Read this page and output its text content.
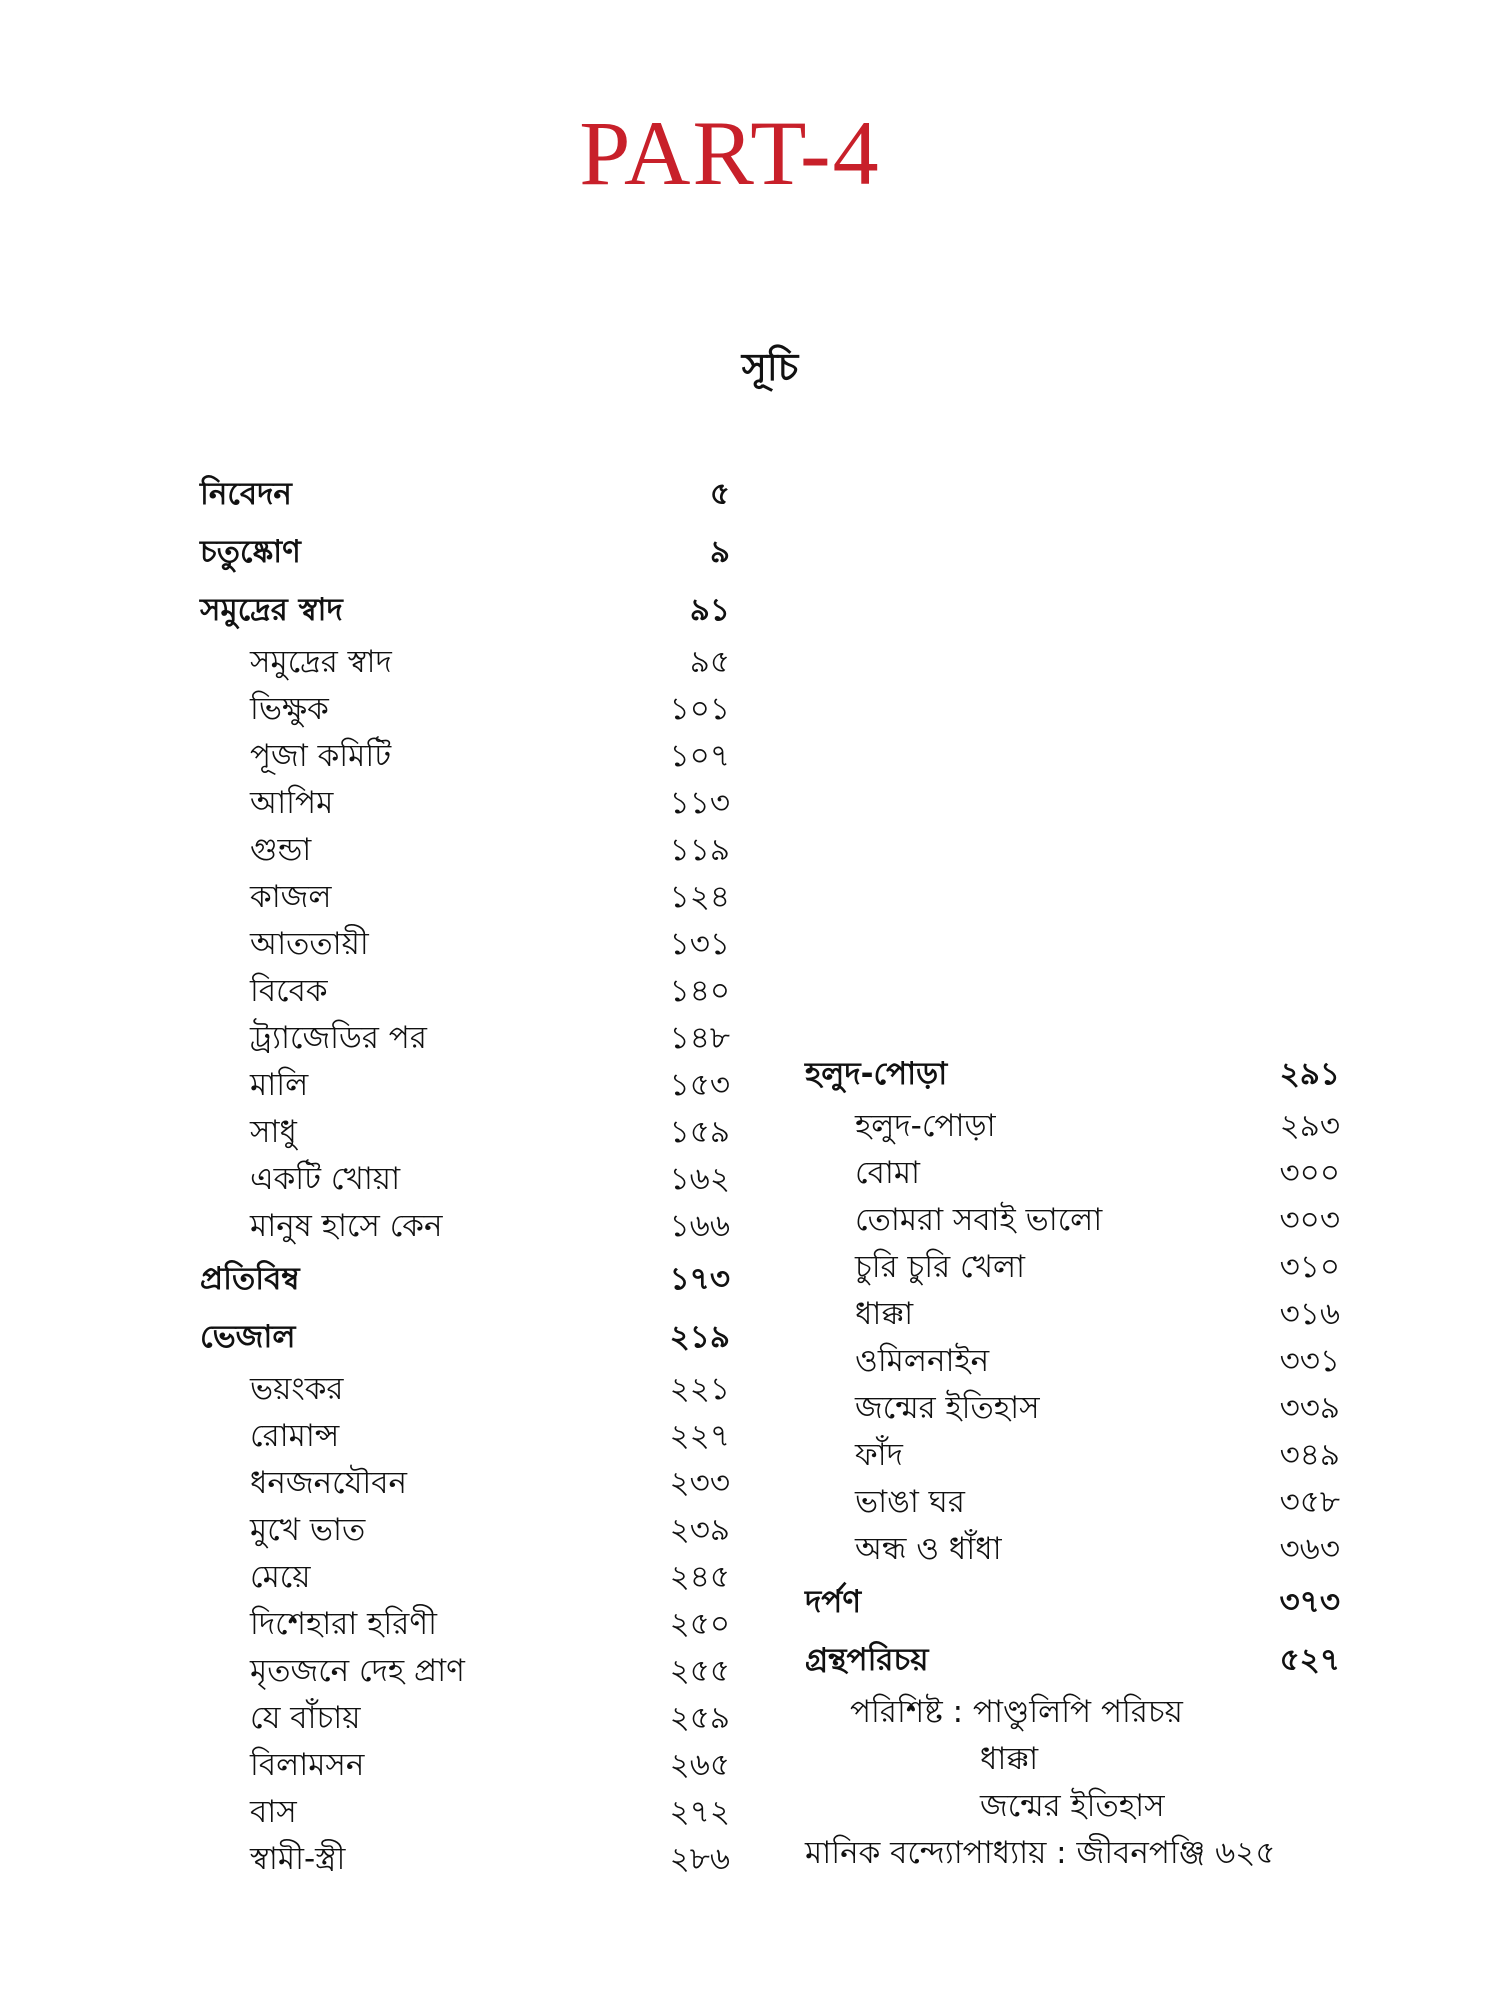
PART-4
সূচি
নিবেদন	৫
চতুষ্কোণ	৯
সমুদ্রের স্বাদ	৯১
সমুদ্রের স্বাদ	৯৫
ভিক্ষুক	১০১
পূজা কমিটি	১০৭
আপিম	১১৩
গুন্ডা	১১৯
কাজল	১২৪
আততায়ী	১৩১
বিবেক	১৪০
ট্র্যাজেডির পর	১৪৮
মালি	১৫৩
সাধু	১৫৯
একটি খোয়া	১৬২
মানুষ হাসে কেন	১৬৬
প্রতিবিম্ব	১৭৩
ভেজাল	২১৯
ভয়ংকর	২২১
রোমান্স	২২৭
ধনজনযৌবন	২৩৩
মুখে ভাত	২৩৯
মেয়ে	২৪৫
দিশেহারা হরিণী	২৫০
মৃতজনে দেহ প্রাণ	২৫৫
যে বাঁচায়	২৫৯
বিলামসন	২৬৫
বাস	২৭২
স্বামী-স্ত্রী	২৮৬
হলুদ-পোড়া	২৯১
হলুদ-পোড়া	২৯৩
বোমা	৩০০
তোমরা সবাই ভালো	৩০৩
চুরি চুরি খেলা	৩১০
ধাক্কা	৩১৬
ওমিলনাইন	৩৩১
জন্মের ইতিহাস	৩৩৯
ফাঁদ	৩৪৯
ভাঙা ঘর	৩৫৮
অন্ধ ও ধাঁধা	৩৬৩
দর্পণ	৩৭৩
গ্রন্থপরিচয়	৫২৭
পরিশিষ্ট : পাণ্ডুলিপি পরিচয়
ধাক্কা
জন্মের ইতিহাস
মানিক বন্দ্যোপাধ্যায় : জীবনপঞ্জি ৬২৫
